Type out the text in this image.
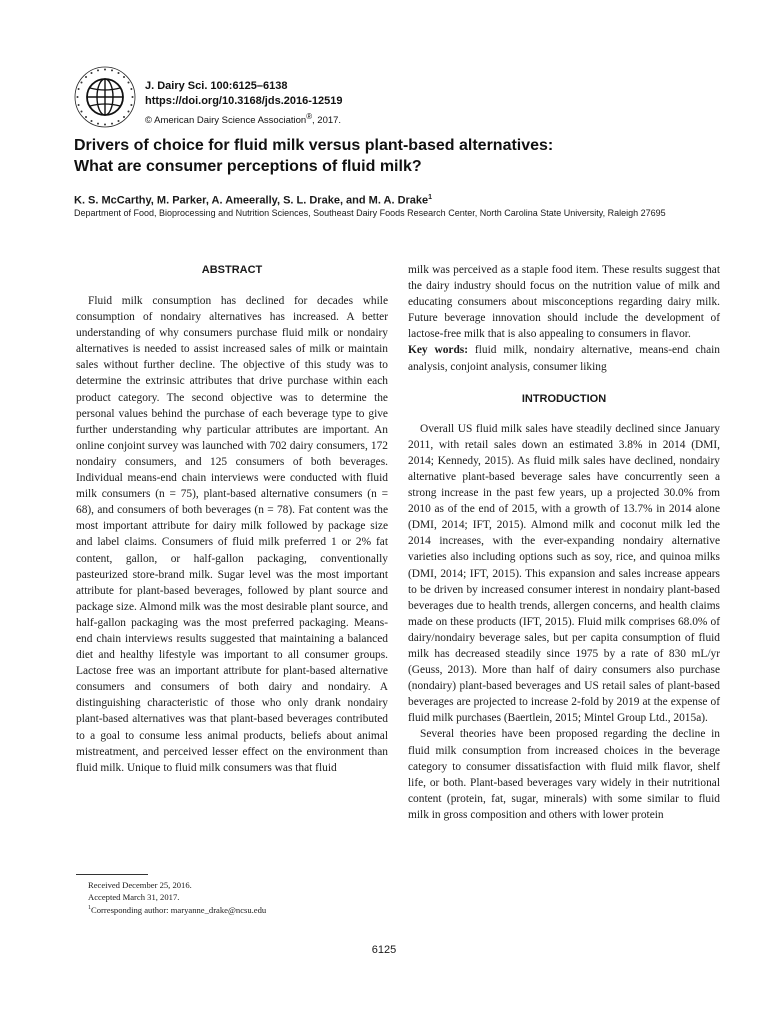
J. Dairy Sci. 100:6125–6138
https://doi.org/10.3168/jds.2016-12519
© American Dairy Science Association®, 2017.
Drivers of choice for fluid milk versus plant-based alternatives:
What are consumer perceptions of fluid milk?

K. S. McCarthy, M. Parker, A. Ameerally, S. L. Drake, and M. A. Drake$^1$

Department of Food, Bioprocessing and Nutrition Sciences, Southeast Dairy Foods Research Center, North Carolina State University, Raleigh 27695

ABSTRACT

Fluid milk consumption has declined for decades while consumption of nondairy alternatives has increased. A better understanding of why consumers purchase fluid milk or nondairy alternatives is needed to assist increased sales of milk or maintain sales without further decline. The objective of this study was to determine the extrinsic attributes that drive purchase within each product category. The second objective was to determine the personal values behind the purchase of each beverage type to give further understanding why particular attributes are important. An online conjoint survey was launched with 702 dairy consumers, 172 nondairy consumers, and 125 consumers of both beverages. Individual means-end chain interviews were conducted with fluid milk consumers (n = 75), plant-based alternative consumers (n = 68), and consumers of both beverages (n = 78). Fat content was the most important attribute for dairy milk followed by package size and label claims. Consumers of fluid milk preferred 1 or 2% fat content, gallon, or half-gallon packaging, conventionally pasteurized store-brand milk. Sugar level was the most important attribute for plant-based beverages, followed by plant source and package size. Almond milk was the most desirable plant source, and half-gallon packaging was the most preferred packaging. Means-end chain interviews results suggested that maintaining a balanced diet and healthy lifestyle was important to all consumer groups. Lactose free was an important attribute for plant-based alternative consumers and consumers of both dairy and nondairy. A distinguishing characteristic of those who only drank nondairy plant-based alternatives was that plant-based beverages contributed to a goal to consume less animal products, beliefs about animal mistreatment, and perceived lesser effect on the environment than fluid milk. Unique to fluid milk consumers was that fluid

milk was perceived as a staple food item. These results suggest that the dairy industry should focus on the nutrition value of milk and educating consumers about misconceptions regarding dairy milk. Future beverage innovation should include the development of lactose-free milk that is also appealing to consumers in flavor.

Key words: fluid milk, nondairy alternative, means-end chain analysis, conjoint analysis, consumer liking

INTRODUCTION

Overall US fluid milk sales have steadily declined since January 2011, with retail sales down an estimated 3.8% in 2014 (DMI, 2014; Kennedy, 2015). As fluid milk sales have declined, nondairy alternative plant-based beverage sales have concurrently seen a strong increase in the past few years, up a projected 30.0% from 2010 as of the end of 2015, with a growth of 13.7% in 2014 alone (DMI, 2014; IFT, 2015). Almond milk and coconut milk led the 2014 increases, with the ever-expanding nondairy alternative varieties also including options such as soy, rice, and quinoa milks (DMI, 2014; IFT, 2015). This expansion and sales increase appears to be driven by increased consumer interest in nondairy plant-based beverages due to health trends, allergen concerns, and health claims made on these products (IFT, 2015). Fluid milk comprises 68.0% of dairy/nondairy beverage sales, but per capita consumption of fluid milk has decreased steadily since 1975 by a rate of 830 mL/yr (Geuss, 2013). More than half of dairy consumers also purchase (nondairy) plant-based beverages and US retail sales of plant-based beverages are projected to increase 2-fold by 2019 at the expense of fluid milk purchases (Baertlein, 2015; Mintel Group Ltd., 2015a).

Several theories have been proposed regarding the decline in fluid milk consumption from increased choices in the beverage category to consumer dissatisfaction with fluid milk flavor, shelf life, or both. Plant-based beverages vary widely in their nutritional content (protein, fat, sugar, minerals) with some similar to fluid milk in gross composition and others with lower protein

Received December 25, 2016.
Accepted March 31, 2017.
$^1$Corresponding author: maryanne_drake@ncsu.edu
6125
